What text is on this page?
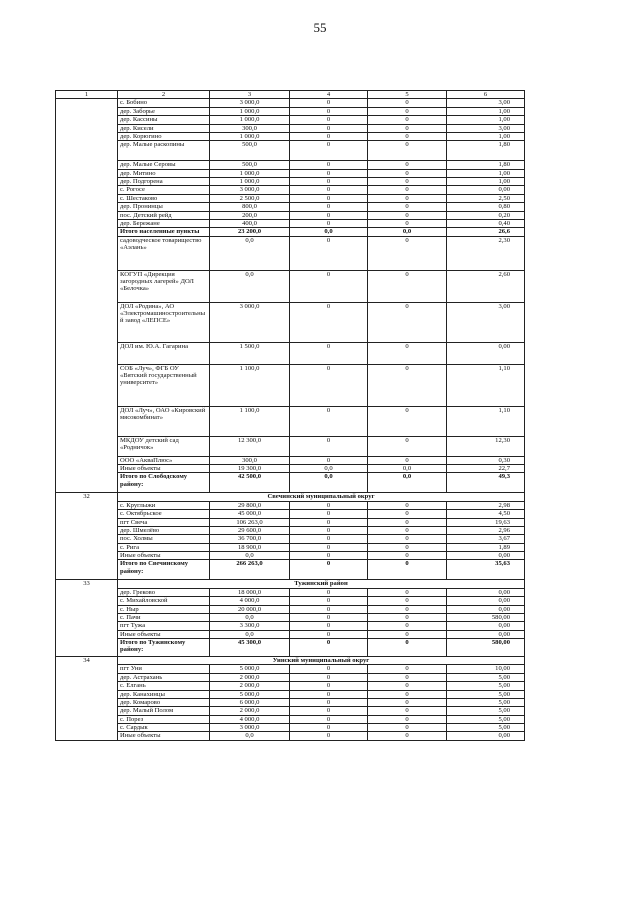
55
1	2	3	4	5	6
	с. Бобино	3 000,0	0	0	3,00
	дер. Заборье	1 000,0	0	0	1,00
	дер. Кассины	1 000,0	0	0	1,00
	дер. Кисели	300,0	0	0	3,00
	дер. Корюгино	1 000,0	0	0	1,00
	дер. Малые раскопины	500,0	0	0	1,80
	дер. Малые Серовы	500,0	0	0	1,80
	дер. Митино	1 000,0	0	0	1,00
	дер. Подгорена	1 000,0	0	0	1,00
	с. Рогосе	3 000,0	0	0	0,00
	с. Шестаково	2 500,0	0	0	2,50
	дер. Пронинцы	800,0	0	0	0,80
	пос. Детский рейд	200,0	0	0	0,20
	дер. Бережане	400,0	0	0	0,40
	Итого населенные пункты	23 200,0	0,0	0,0	26,6
	садоводческое товарищество «Аэлань»	0,0	0	0	2,30
	КОГУП «Дирекция загородных лагерей» ДОЛ «Белочка»	0,0	0	0	2,60
	ДОЛ «Родина», АО «Электромашиностроительный завод «ЛЕПСЕ»	3 000,0	0	0	3,00
	ДОЛ им. Ю.А. Гагарина	1 500,0	0	0	0,00
	СОБ «Луч», ФГБ ОУ «Вятский государственный университет»	1 100,0	0	0	1,10
	ДОЛ «Луч», ОАО «Кировский мясокомбинат»	1 100,0	0	0	1,10
	МКДОУ детский сад «Родничок»	12 300,0	0	0	12,30
	ООО «АкваПлюс»	300,0	0	0	0,30
	Иные объекты	19 300,0	0,0	0,0	22,7
	Итого по Слободскому району:	42 500,0	0,0	0,0	49,3
32	Свечинский муниципальный округ				
	с. Круглыжи	29 800,0	0	0	2,98
	с. Октябрьское	45 000,0	0	0	4,50
	пгт Свеча	106 263,0	0	0	19,63
	дер. Шмелёво	29 600,0	0	0	2,96
	пос. Холмы	36 700,0	0	0	3,67
	с. Рига	18 900,0	0	0	1,89
	Иные объекты	0,0	0	0	0,00
	Итого по Свечинскому району:	266 263,0	0	0	35,63
33	Тужинский район				
	дер. Греково	18 000,0	0	0	0,00
	с. Михайловской	4 000,0	0	0	0,00
	с. Ныр	20 000,0	0	0	0,00
	с. Пачи	0,0	0	0	580,00
	пгт Тужа	3 300,0	0	0	0,00
	Иные объекты	0,0	0	0	0,00
	Итого по Тужинскому району:	45 300,0	0	0	580,00
34	Уинский муниципальный округ				
	пгт Уни	5 000,0	0	0	10,00
	дер. Астрахань	2 000,0	0	0	5,00
	с. Елгань	2 000,0	0	0	5,00
	дер. Канахинцы	5 000,0	0	0	5,00
	дер. Комарово	6 000,0	0	0	5,00
	дер. Малый Полом	2 000,0	0	0	5,00
	с. Порез	4 000,0	0	0	5,00
	с. Сардык	3 000,0	0	0	5,00
	Иные объекты	0,0	0	0	0,00
